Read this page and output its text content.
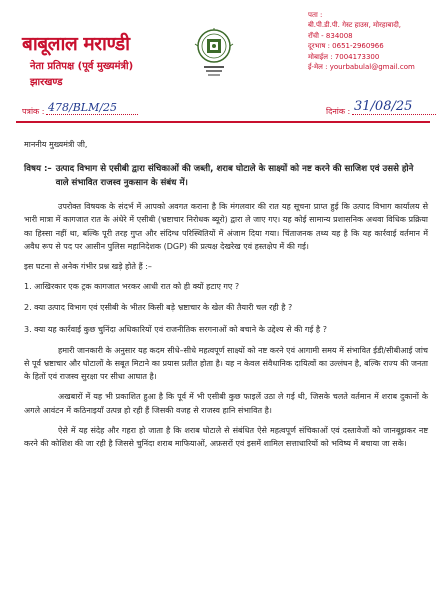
बाबूलाल मराण्डी
नेता प्रतिपक्ष (पूर्व मुख्यमंत्री)
झारखण्ड
पता :
बी.पी.डी.पी. गेस्ट हाउस, मोरहाबादी,
राँची - 834008
दूरभाष : 0651-2960966
मोबाईल : 7004173300
ई-मेल : yourbabulal@gmail.com
पत्रांक : 478/BLM/25	दिनांक : 31/08/25
माननीय मुख्यमंत्री जी,
विषय :– उत्पाद विभाग से एसीबी द्वारा संचिकाओं की जब्ती, शराब घोटाले के साक्ष्यों को नष्ट करने की साजिश एवं उससे होने वाले संभावित राजस्व नुकसान के संबंध में।

उपरोक्त विषयक के संदर्भ में आपको अवगत कराना है कि मंगलवार की रात यह सूचना प्राप्त हुई कि उत्पाद विभाग कार्यालय से भारी मात्रा में कागजात रात के अंधेरे में एसीबी (भ्रष्टाचार निरोधक ब्यूरो) द्वारा ले जाए गए। यह कोई सामान्य प्रशासनिक अथवा विधिक प्रक्रिया का हिस्सा नहीं था, बल्कि पूरी तरह गुप्त और संदिग्ध परिस्थितियों में अंजाम दिया गया। चिंताजनक तथ्य यह है कि यह कार्रवाई वर्तमान में अवैध रूप से पद पर आसीन पुलिस महानिदेशक (DGP) की प्रत्यक्ष देखरेख एवं हस्तक्षेप में की गई।

इस घटना से अनेक गंभीर प्रश्न खड़े होते हैं :–

1. आखिरकार एक ट्रक कागजात भरकर आधी रात को ही क्यों हटाए गए ?

2. क्या उत्पाद विभाग एवं एसीबी के भीतर किसी बड़े भ्रष्टाचार के खेल की तैयारी चल रही है ?

3. क्या यह कार्रवाई कुछ चुनिंदा अधिकारियों एवं राजनीतिक सरगनाओं को बचाने के उद्देश्य से की गई है ?

हमारी जानकारी के अनुसार यह कदम सीधे–सीधे महत्वपूर्ण साक्ष्यों को नष्ट करने एवं आगामी समय में संभावित ईडी/सीबीआई जांच से पूर्व भ्रष्टाचार और घोटालों के सबूत मिटाने का प्रयास प्रतीत होता है। यह न केवल संवैधानिक दायित्वों का उल्लंघन है, बल्कि राज्य की जनता के हितों एवं राजस्व सुरक्षा पर सीधा आघात है।

अखबारों में यह भी प्रकाशित हुआ है कि पूर्व में भी एसीबी कुछ फाइलें उठा ले गई थी, जिसके चलते वर्तमान में शराब दुकानों के अगले आवंटन में कठिनाइयाँ उत्पन्न हो रही हैं जिसकी वजह से राजस्व हानि संभावित है।

ऐसे में यह संदेह और गहरा हो जाता है कि शराब घोटाले से संबंधित ऐसे महत्वपूर्ण संचिकाओं एवं दस्तावेजों को जानबूझकर नष्ट करने की कोशिश की जा रही है जिससे चुनिंदा शराब माफियाओं, अफ़सरों एवं इसमें शामिल सत्ताधारियों को भविष्य में बचाया जा सके।
